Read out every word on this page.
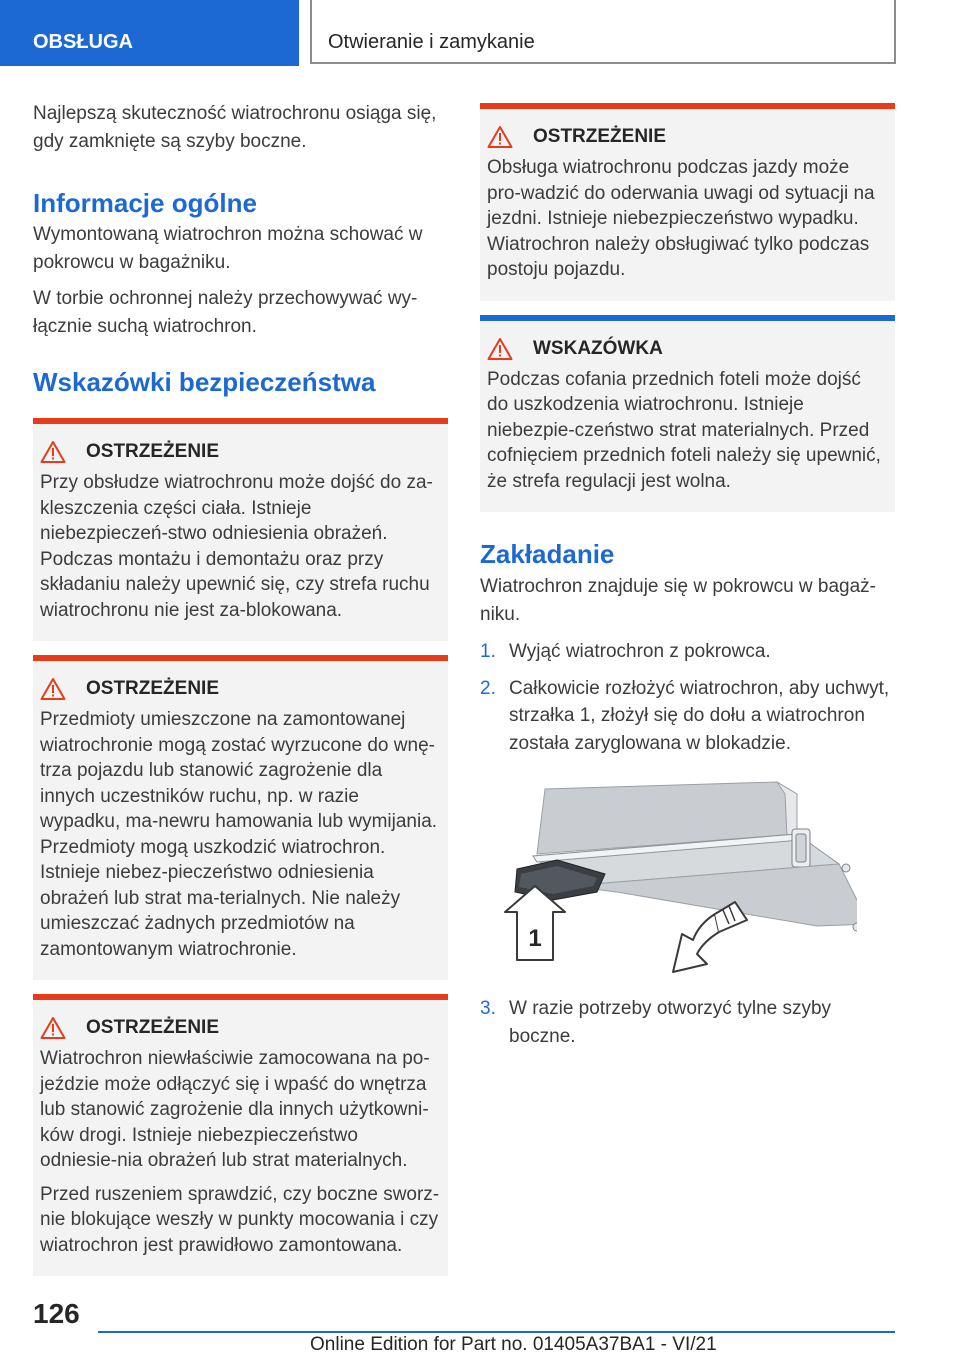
OBSŁUGA	Otwieranie i zamykanie

Najlepszą skuteczność wiatrochronu osiąga się, gdy zamknięte są szyby boczne.

Informacje ogólne

Wymontowaną wiatrochron można schować w pokrowcu w bagażniku.

W torbie ochronnej należy przechowywać wy-łącznie suchą wiatrochron.

Wskazówki bezpieczeństwa
OSTRZEŻENIE

Przy obsłudze wiatrochronu może dojść do za-kleszczenia części ciała. Istnieje niebezpieczeń-stwo odniesienia obrażeń. Podczas montażu i demontażu oraz przy składaniu należy upewnić się, czy strefa ruchu wiatrochronu nie jest za-blokowana.

OSTRZEŻENIE

Przedmioty umieszczone na zamontowanej wiatrochronie mogą zostać wyrzucone do wnę-trza pojazdu lub stanowić zagrożenie dla innych uczestników ruchu, np. w razie wypadku, ma-newru hamowania lub wymijania. Przedmioty mogą uszkodzić wiatrochron. Istnieje niebez-pieczeństwo odniesienia obrażeń lub strat ma-terialnych. Nie należy umieszczać żadnych przedmiotów na zamontowanym wiatrochronie.

OSTRZEŻENIE

Wiatrochron niewłaściwie zamocowana na po-jeździe może odłączyć się i wpaść do wnętrza lub stanowić zagrożenie dla innych użytkowni-ków drogi. Istnieje niebezpieczeństwo odniesie-nia obrażeń lub strat materialnych.

Przed ruszeniem sprawdzić, czy boczne sworz-nie blokujące weszły w punkty mocowania i czy wiatrochron jest prawidłowo zamontowana.

OSTRZEŻENIE

Obsługa wiatrochronu podczas jazdy może pro-wadzić do oderwania uwagi od sytuacji na jezdni. Istnieje niebezpieczeństwo wypadku. Wiatrochron należy obsługiwać tylko podczas postoju pojazdu.

WSKAZÓWKA

Podczas cofania przednich foteli może dojść do uszkodzenia wiatrochronu. Istnieje niebezpie-czeństwo strat materialnych. Przed cofnięciem przednich foteli należy się upewnić, że strefa regulacji jest wolna.

Zakładanie

Wiatrochron znajduje się w pokrowcu w bagaż-niku.

1. Wyjąć wiatrochron z pokrowca.
2. Całkowicie rozłożyć wiatrochron, aby uchwyt, strzałka 1, złożył się do dołu a wiatrochron została zaryglowana w blokadzie.
1
3. W razie potrzeby otworzyć tylne szyby boczne.
126
Online Edition for Part no. 01405A37BA1 - VI/21
